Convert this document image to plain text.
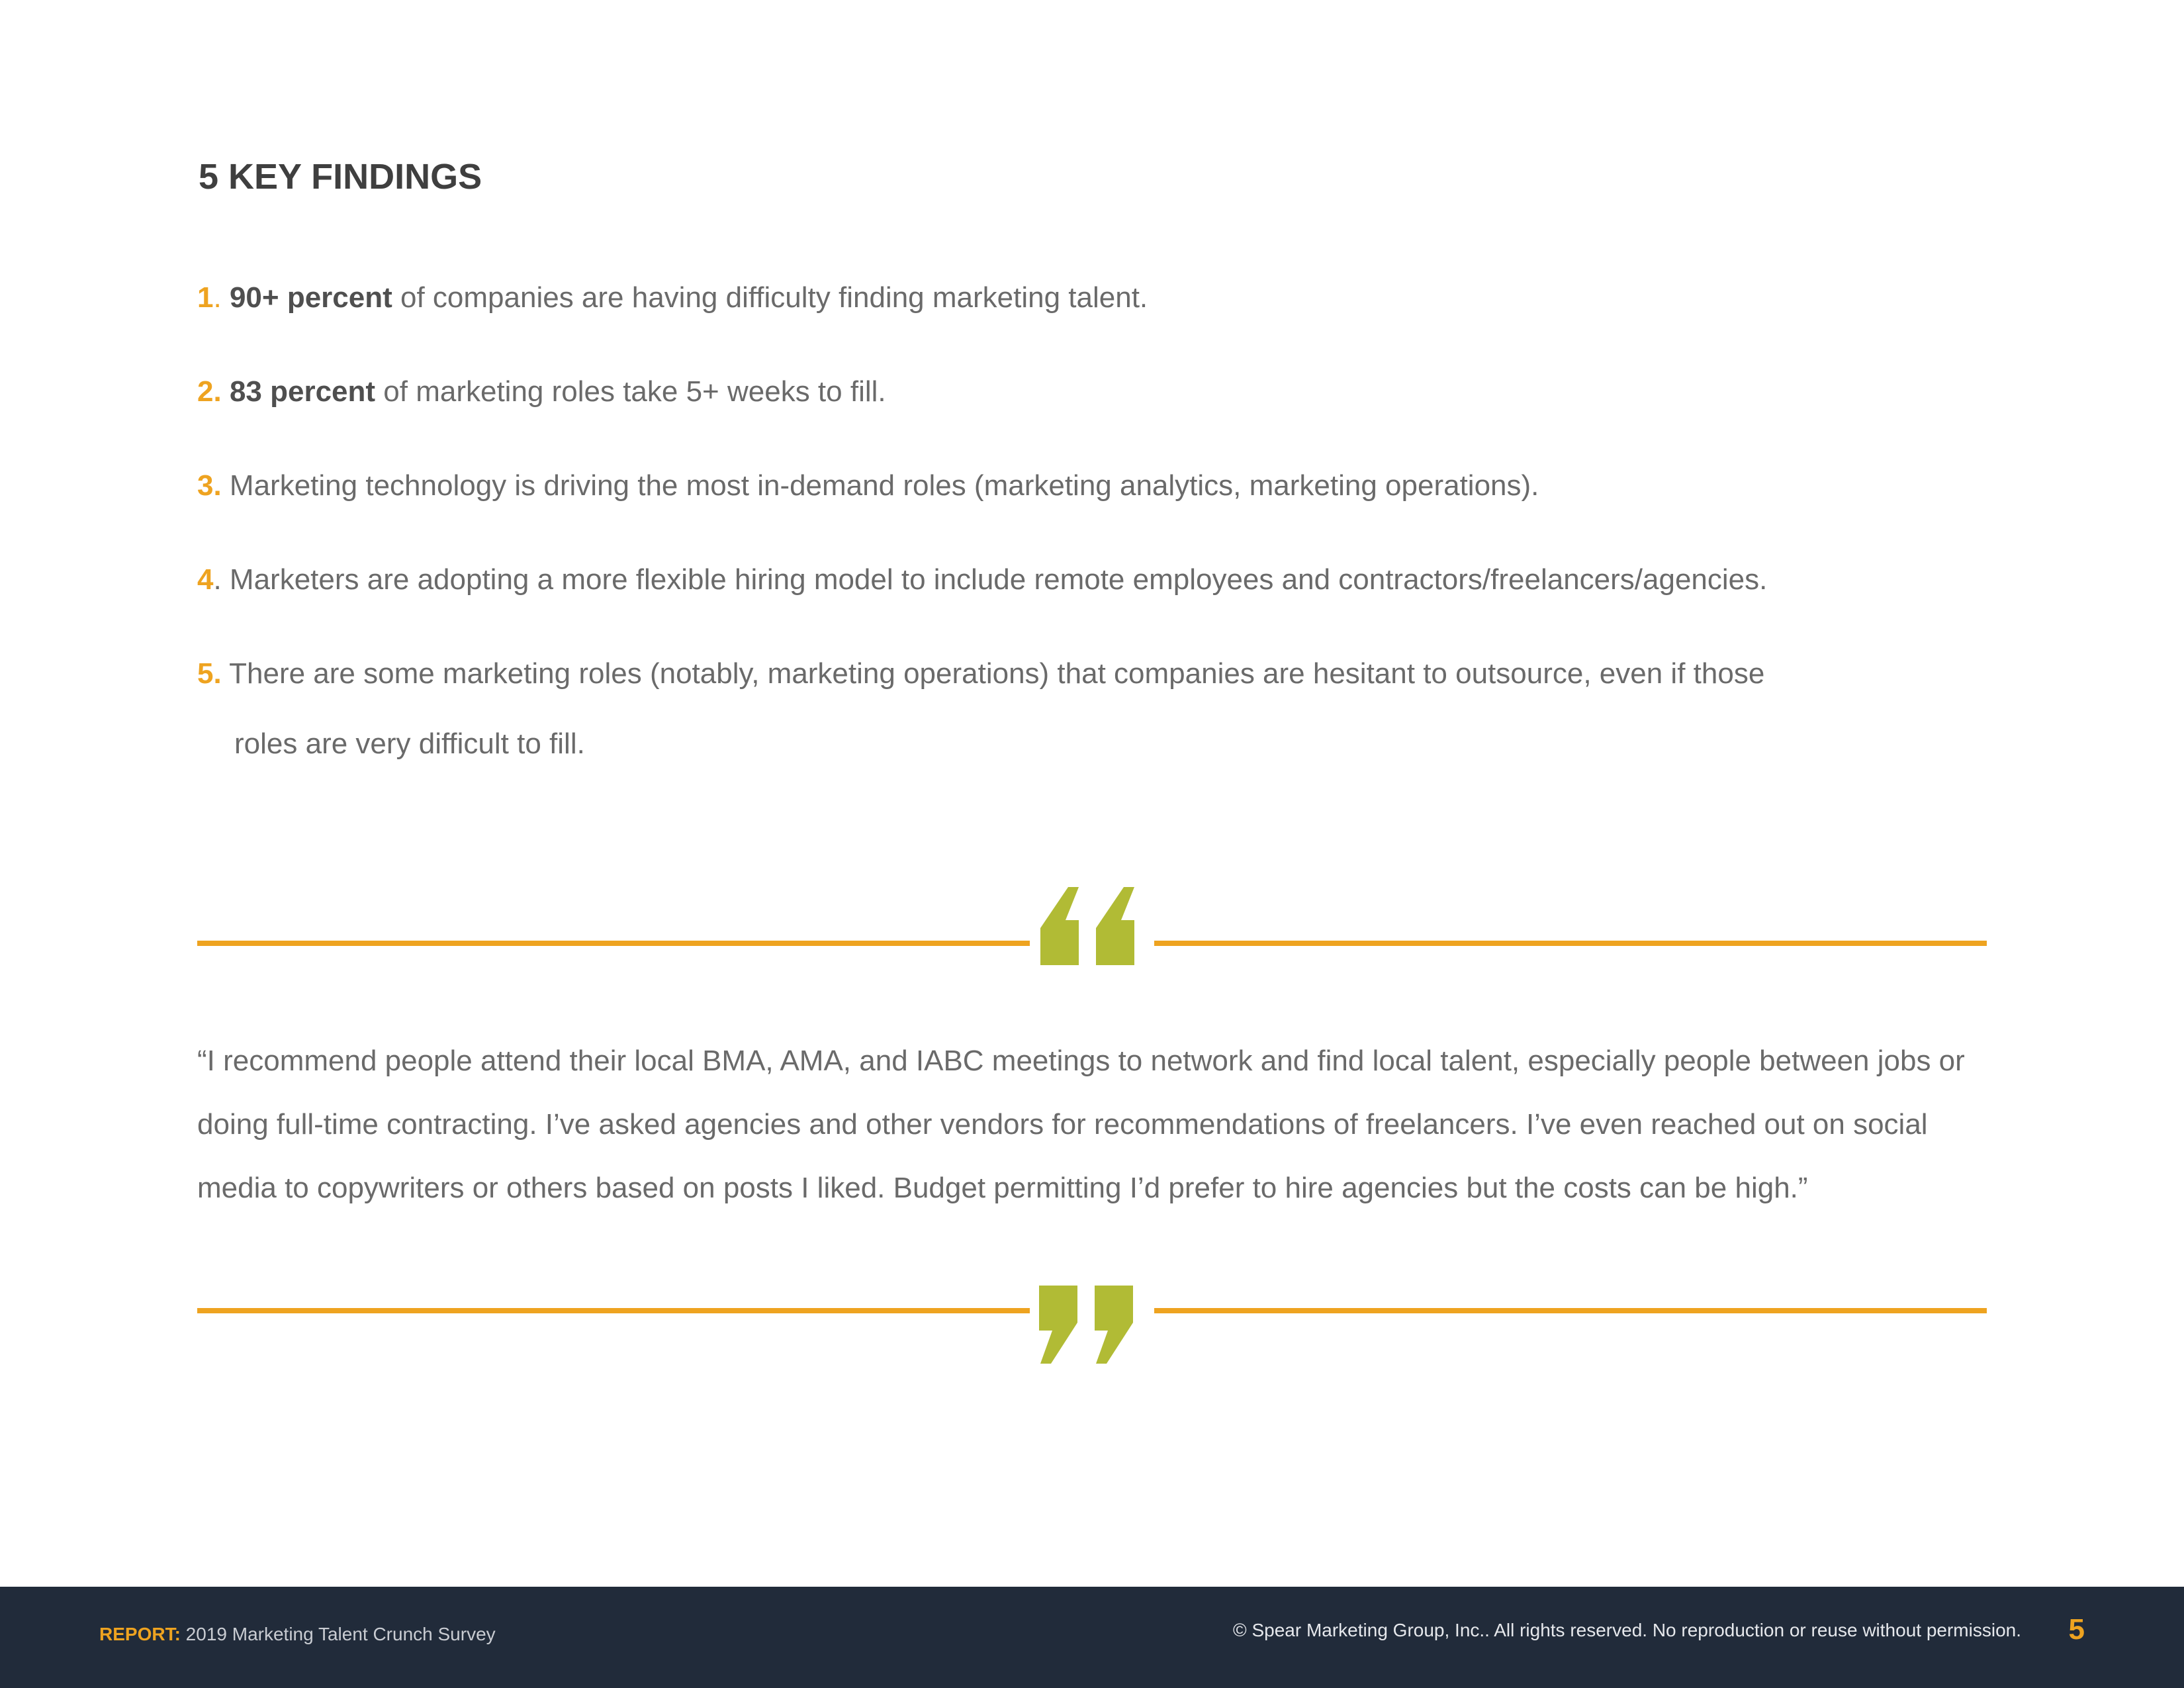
5 KEY FINDINGS
1. 90+ percent of companies are having difficulty finding marketing talent.
2. 83 percent of marketing roles take 5+ weeks to fill.
3. Marketing technology is driving the most in-demand roles (marketing analytics, marketing operations).
4. Marketers are adopting a more flexible hiring model to include remote employees and contractors/freelancers/agencies.
5. There are some marketing roles (notably, marketing operations) that companies are hesitant to outsource, even if those
roles are very difficult to fill.

“I recommend people attend their local BMA, AMA, and IABC meetings to network and find local talent, especially people between jobs or doing full-time contracting. I’ve asked agencies and other vendors for recommendations of freelancers. I’ve even reached out on social media to copywriters or others based on posts I liked. Budget permitting I’d prefer to hire agencies but the costs can be high.”

REPORT: 2019 Marketing Talent Crunch Survey	© Spear Marketing Group, Inc.. All rights reserved. No reproduction or reuse without permission. 5
